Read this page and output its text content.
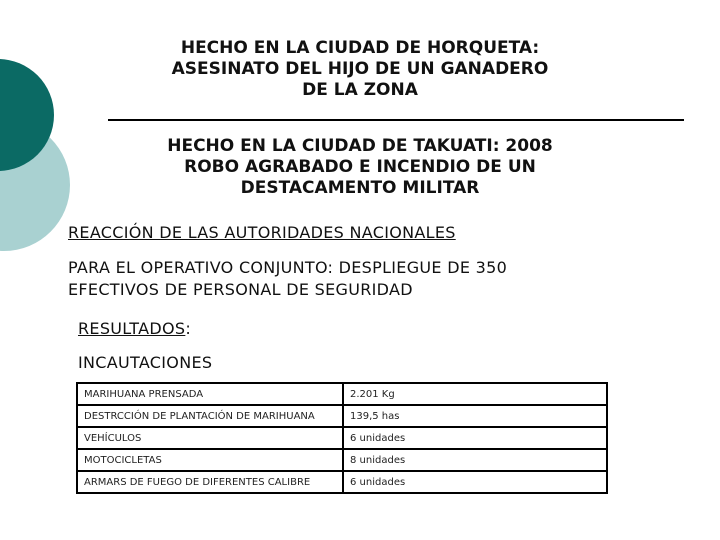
HECHO EN LA CIUDAD DE HORQUETA:
ASESINATO DEL HIJO DE UN GANADERO
DE LA ZONA
HECHO EN LA CIUDAD DE TAKUATI: 2008
ROBO AGRABADO E INCENDIO DE UN
DESTACAMENTO MILITAR

REACCIÓN DE LAS AUTORIDADES NACIONALES

PARA EL OPERATIVO CONJUNTO: DESPLIEGUE DE 350
EFECTIVOS DE PERSONAL DE SEGURIDAD

RESULTADOS:

INCAUTACIONES

MARIHUANA PRENSADA	2.201 Kg
DESTRCCIÓN DE PLANTACIÓN DE MARIHUANA	139,5 has
VEHÍCULOS	6 unidades
MOTOCICLETAS	8 unidades
ARMARS DE FUEGO DE DIFERENTES CALIBRE	6 unidades
